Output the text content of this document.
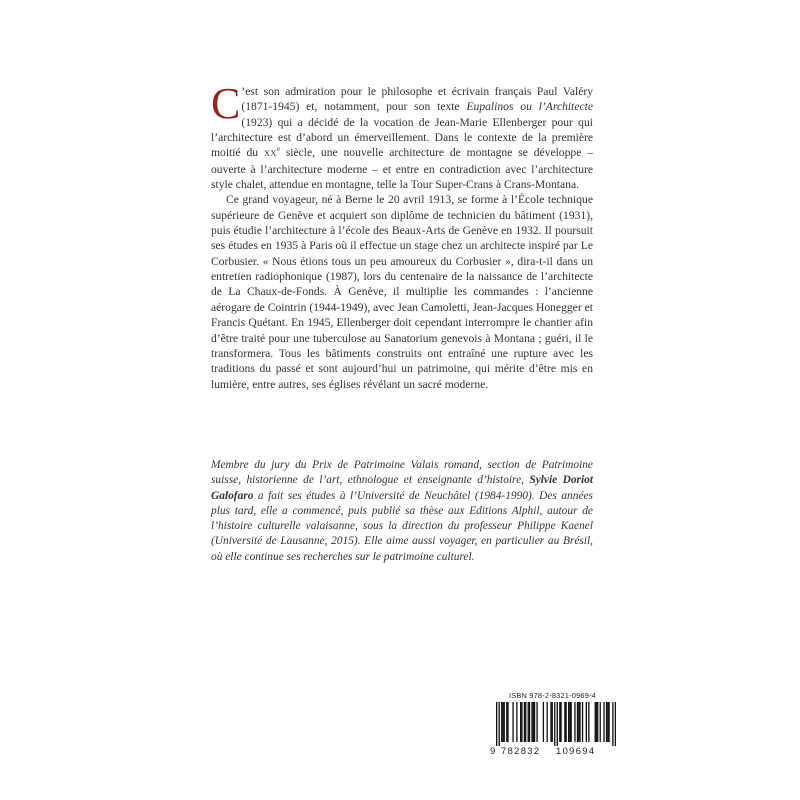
C ’est son admiration pour le philosophe et écrivain français Paul Valéry (1871-1945) et, notamment, pour son texte Eupalinos ou l’Architecte (1923) qui a décidé de la vocation de Jean-Marie Ellenberger pour qui l’architecture est d’abord un émerveillement. Dans le contexte de la première moitié du XXe siècle, une nouvelle architecture de montagne se développe – ouverte à l’architecture moderne – et entre en contradiction avec l’architecture style chalet, attendue en montagne, telle la Tour Super-Crans à Crans-Montana.

Ce grand voyageur, né à Berne le 20 avril 1913, se forme à l’École technique supérieure de Genève et acquiert son diplôme de technicien du bâtiment (1931), puis étudie l’architecture à l’école des Beaux-Arts de Genève en 1932. Il poursuit ses études en 1935 à Paris où il effectue un stage chez un architecte inspiré par Le Corbusier. « Nous étions tous un peu amoureux du Corbusier », dira-t-il dans un entretien radiophonique (1987), lors du centenaire de la naissance de l’architecte de La Chaux-de-Fonds. À Genève, il multiplie les commandes : l’ancienne aérogare de Cointrin (1944-1949), avec Jean Camoletti, Jean-Jacques Honegger et Francis Quétant. En 1945, Ellenberger doit cependant interrompre le chantier afin d’être traité pour une tuberculose au Sanatorium genevois à Montana ; guéri, il le transformera. Tous les bâtiments construits ont entraîné une rupture avec les traditions du passé et sont aujourd’hui un patrimoine, qui mérite d’être mis en lumière, entre autres, ses églises révélant un sacré moderne.

Membre du jury du Prix de Patrimoine Valais romand, section de Patrimoine suisse, historienne de l’art, ethnologue et enseignante d’histoire, Sylvie Doriot Galofaro a fait ses études à l’Université de Neuchâtel (1984-1990). Des années plus tard, elle a commencé, puis publié sa thèse aux Editions Alphil, autour de l’histoire culturelle valaisanne, sous la direction du professeur Philippe Kaenel (Université de Lausanne, 2015). Elle aime aussi voyager, en particulier au Brésil, où elle continue ses recherches sur le patrimoine culturel.
ISBN 978-2-8321-0969-4
9 782832 109694
